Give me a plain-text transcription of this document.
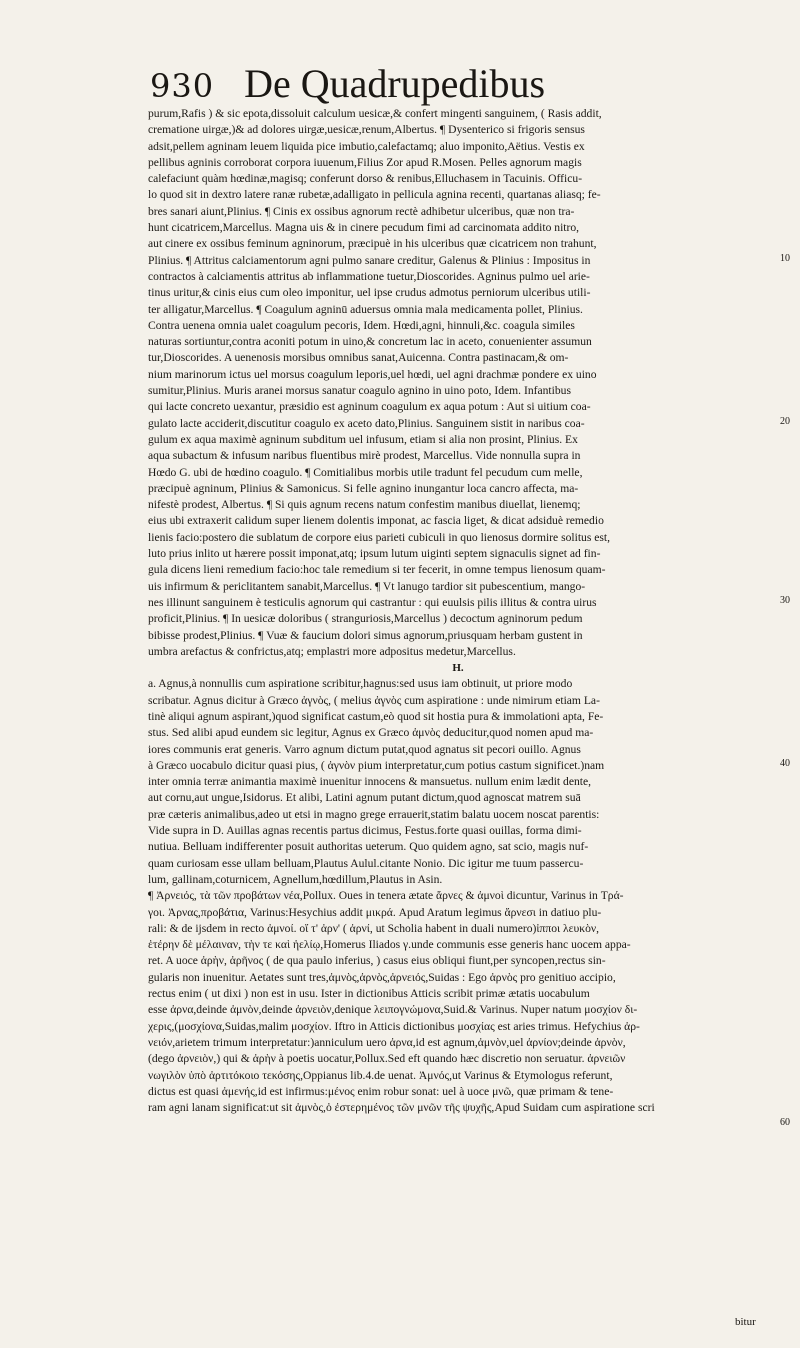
930 De Quadrupedibus
purum,Rafis ) & sic epota,dissoluit calculum uesicæ,& confert mingenti sanguinem, ( Rasis addit,
crematione uirgæ,)& ad dolores uirgæ,uesicæ,renum,Albertus. ¶ Dysenterico si frigoris sensus
adsit,pellem agninam leuem liquida pice imbutio,calefactamq; aluo imponito,Aëtius. Vestis ex
pellibus agninis corroborat corpora iuuenum,Filius Zor apud R.Mosen. Pelles agnorum magis
calefaciunt quàm hœdinæ,magisq; conferunt dorso & renibus,Elluchasem in Tacuinis. Officu-
lo quod sit in dextro latere ranæ rubetæ,adalligato in pellicula agnina recenti, quartanas aliasq; fe-
bres sanari aiunt,Plinius. ¶ Cinis ex ossibus agnorum rectè adhibetur ulceribus, quæ non tra-
hunt cicatricem,Marcellus. Magna uis & in cinere pecudum fimi ad carcinomata addito nitro,
aut cinere ex ossibus feminum agninorum, præcipuè in his ulceribus quæ cicatricem non trahunt,
Plinius. ¶ Attritus calciamentorum agni pulmo sanare creditur, Galenus & Plinius : Impositus in
contractos à calciamentis attritus ab inflammatione tuetur,Dioscorides. Agninus pulmo uel arie-
tinus uritur,& cinis eius cum oleo imponitur, uel ipse crudus admotus perniorum ulceribus utili-
ter alligatur,Marcellus. ¶ Coagulum agninū aduersus omnia mala medicamenta pollet, Plinius.
Contra uenena omnia ualet coagulum pecoris, Idem. Hœdi,agni, hinnuli,&c. coagula similes
naturas sortiuntur,contra aconiti potum in uino,& concretum lac in aceto, conuenienter assumun
tur,Dioscorides. A uenenosis morsibus omnibus sanat,Auicenna. Contra pastinacam,& om-
nium marinorum ictus uel morsus coagulum leporis,uel hœdi, uel agni drachmæ pondere ex uino
sumitur,Plinius. Muris aranei morsus sanatur coagulo agnino in uino poto, Idem. Infantibus
qui lacte concreto uexantur, præsidio est agninum coagulum ex aqua potum : Aut si uitium coa-
gulato lacte acciderit,discutitur coagulo ex aceto dato,Plinius. Sanguinem sistit in naribus coa-
gulum ex aqua maximè agninum subditum uel infusum, etiam si alia non prosint, Plinius. Ex
aqua subactum & infusum naribus fluentibus mirè prodest, Marcellus. Vide nonnulla supra in
Hœdo G. ubi de hœdino coagulo. ¶ Comitialibus morbis utile tradunt fel pecudum cum melle,
præcipuè agninum, Plinius & Samonicus. Si felle agnino inungantur loca cancro affecta, ma-
nifestè prodest, Albertus. ¶ Si quis agnum recens natum confestim manibus diuellat, lienemq;
eius ubi extraxerit calidum super lienem dolentis imponat, ac fascia liget, & dicat adsiduè remedio
lienis facio:postero die sublatum de corpore eius parieti cubiculi in quo lienosus dormire solitus est,
luto prius inlito ut hærere possit imponat,atq; ipsum lutum uiginti septem signaculis signet ad fin-
gula dicens lieni remedium facio:hoc tale remedium si ter fecerit, in omne tempus lienosum quam-
uis infirmum & periclitantem sanabit,Marcellus. ¶ Vt lanugo tardior sit pubescentium, mango-
nes illinunt sanguinem è testiculis agnorum qui castrantur : qui euulsis pilis illitus & contra uirus
proficit,Plinius. ¶ In uesicæ doloribus ( stranguriosis,Marcellus ) decoctum agninorum pedum
bibisse prodest,Plinius. ¶ Vuæ & faucium dolori simus agnorum,priusquam herbam gustent in
umbra arefactus & confrictus,atq; emplastri more adpositus medetur,Marcellus.

H.

a. Agnus,à nonnullis cum aspiratione scribitur,hagnus:sed usus iam obtinuit, ut priore modo
scribatur. Agnus dicitur à Græco ἁγνὸς, ( melius ἁγνὸς cum aspiratione : unde nimirum etiam La-
tinè aliqui agnum aspirant,)quod significat castum,eò quod sit hostia pura & immolationi apta, Fe-
stus. Sed alibi apud eundem sic legitur, Agnus ex Græco ἀμνὸς deducitur,quod nomen apud ma-
iores communis erat generis. Varro agnum dictum putat,quod agnatus sit pecori ouillo. Agnus
à Græco uocabulo dicitur quasi pius, ( ἁγνὸν pium interpretatur,cum potius castum significet.)nam
inter omnia terræ animantia maximè inuenitur innocens & mansuetus. nullum enim lædit dente,
aut cornu,aut ungue,Isidorus. Et alibi, Latini agnum putant dictum,quod agnoscat matrem suā
præ cæteris animalibus,adeo ut etsi in magno grege errauerit,statim balatu uocem noscat parentis:
Vide supra in D. Auillas agnas recentis partus dicimus, Festus.forte quasi ouillas, forma dimi-
nutiua. Belluam indifferenter posuit authoritas ueterum. Quo quidem agno, sat scio, magis nuf-
quam curiosam esse ullam belluam,Plautus Aulul.citante Nonio. Dic igitur me tuum passercu-
lum, gallinam,coturnicem, Agnellum,hœdillum,Plautus in Asin.
¶ Ἀρνειός, τὰ τῶν προβάτων νέα,Pollux. Oues in tenera ætate ἄρνες & ἀμνοὶ dicuntur, Varinus in Τρά-
γοι. Ἀρνας,προβάτια, Varinus:Hesychius addit μικρά. Apud Aratum legimus ἄρνεσι in datiuo plu-
rali: & de ijsdem in recto ἀμνοί. οἵ τ' ἀρν' ( ἀρνί, ut Scholia habent in duali numero)ἱπποι λευκὸν,
ἑτέρην δὲ μέλαιναν, τὴν τε καὶ ἠελίῳ,Homerus Iliados γ.unde communis esse generis hanc uocem appa-
ret. A uoce ἀρὴν, ἀρῆνος ( de qua paulo inferius, ) casus eius obliqui fiunt,per syncopen,rectus sin-
gularis non inuenitur. Aetates sunt tres,ἀμνὸς,ἀρνὸς,ἀρνειός,Suidas : Ego ἀρνὸς pro genitiuo accipio,
rectus enim ( ut dixi ) non est in usu. Ister in dictionibus Atticis scribit primæ ætatis uocabulum
esse ἀρνα,deinde ἀμνὸν,deinde ἀρνειὸν,denique λειπογνώμονα,Suid.& Varinus. Nuper natum μοσχίον δι-
χερις,(μοσχίονα,Suidas,malim μοσχίον. Iftro in Atticis dictionibus μοσχίας est aries trimus. Hefychius ἀρ-
νειόν,arietem trimum interpretatur:)anniculum uero ἀρνα,id est agnum,ἀμνὸν,uel ἀρνίον;deinde ἀρνὸν,
(dego ἀρνειὸν,) qui & ἀρὴν à poetis uocatur,Pollux.Sed eft quando hæc discretio non seruatur. ἀρνειῶν
νωγιλὸν ὑπὸ ἀρτιτόκοιο τεκόσης,Oppianus lib.4.de uenat. Ἀμνός,ut Varinus & Etymologus referunt,
dictus est quasi ἀμενής,id est infirmus:μένος enim robur sonat: uel à uoce μνῶ, quæ primam & tene-
ram agni lanam significat:ut sit ἀμνὸς,ὁ ἐστερημένος τῶν μνῶν τῆς ψυχῆς,Apud Suidam cum aspiratione scri
10
20
30
40
60
bitur
